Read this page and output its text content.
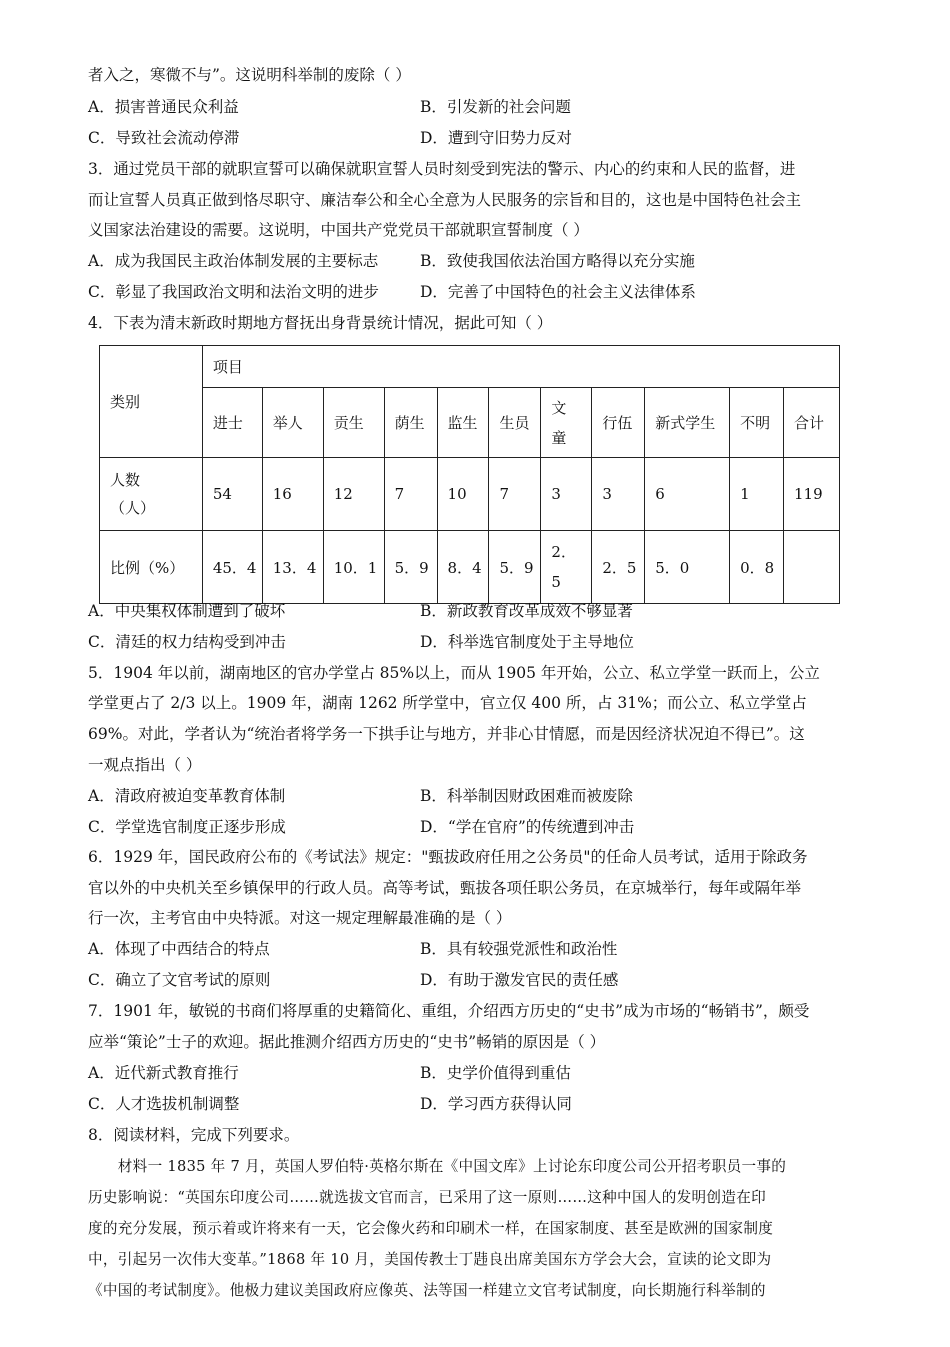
者入之，寒微不与”。这说明科举制的废除（ ）
A．损害普通民众利益	B．引发新的社会问题
C．导致社会流动停滞	D．遭到守旧势力反对
3．通过党员干部的就职宣誓可以确保就职宣誓人员时刻受到宪法的警示、内心的约束和人民的监督，进
而让宣誓人员真正做到恪尽职守、廉洁奉公和全心全意为人民服务的宗旨和目的，这也是中国特色社会主
义国家法治建设的需要。这说明，中国共产党党员干部就职宣誓制度（ ）
A．成为我国民主政治体制发展的主要标志	B．致使我国依法治国方略得以充分实施
C．彰显了我国政治文明和法治文明的进步	D．完善了中国特色的社会主义法律体系
4．下表为清末新政时期地方督抚出身背景统计情况，据此可知（ ）
类别	项目										
	进士	举人	贡生	荫生	监生	生员	文童	行伍	新式学生	不明	合计

人数
（人）	54	16	12	7	10	7	3	3	6	1	119
比例（%）	45．4	13．4	10．1	5．9	8．4	5．9	2．5	2．5	5．0	0．8	
A．中央集权体制遭到了破坏	B．新政教育改革成效不够显著
C．清廷的权力结构受到冲击	D．科举选官制度处于主导地位
5．1904 年以前，湖南地区的官办学堂占 85%以上，而从 1905 年开始，公立、私立学堂一跃而上，公立
学堂更占了 2/3 以上。1909 年，湖南 1262 所学堂中，官立仅 400 所，占 31%；而公立、私立学堂占
69%。对此，学者认为“统治者将学务一下拱手让与地方，并非心甘情愿，而是因经济状况迫不得已”。这
一观点指出（ ）
A．清政府被迫变革教育体制	B．科举制因财政困难而被废除
C．学堂选官制度正逐步形成	D．“学在官府”的传统遭到冲击
6．1929 年，国民政府公布的《考试法》规定："甄拔政府任用之公务员"的任命人员考试，适用于除政务
官以外的中央机关至乡镇保甲的行政人员。高等考试，甄拔各项任职公务员，在京城举行，每年或隔年举
行一次，主考官由中央特派。对这一规定理解最准确的是（ ）
A．体现了中西结合的特点	B．具有较强党派性和政治性
C．确立了文官考试的原则	D．有助于激发官民的责任感
7．1901 年，敏锐的书商们将厚重的史籍简化、重组，介绍西方历史的“史书”成为市场的“畅销书”，颇受
应举“策论”士子的欢迎。据此推测介绍西方历史的“史书”畅销的原因是（ ）
A．近代新式教育推行	B．史学价值得到重估
C．人才选拔机制调整	D．学习西方获得认同
8．阅读材料，完成下列要求。
　　材料一 1835 年 7 月，英国人罗伯特·英格尔斯在《中国文库》上讨论东印度公司公开招考职员一事的
历史影响说：“英国东印度公司……就选拔文官而言，已采用了这一原则……这种中国人的发明创造在印
度的充分发展，预示着或许将来有一天，它会像火药和印刷术一样，在国家制度、甚至是欧洲的国家制度
中，引起另一次伟大变革。”1868 年 10 月，美国传教士丁韪良出席美国东方学会大会，宣读的论文即为
《中国的考试制度》。他极力建议美国政府应像英、法等国一样建立文官考试制度，向长期施行科举制的
